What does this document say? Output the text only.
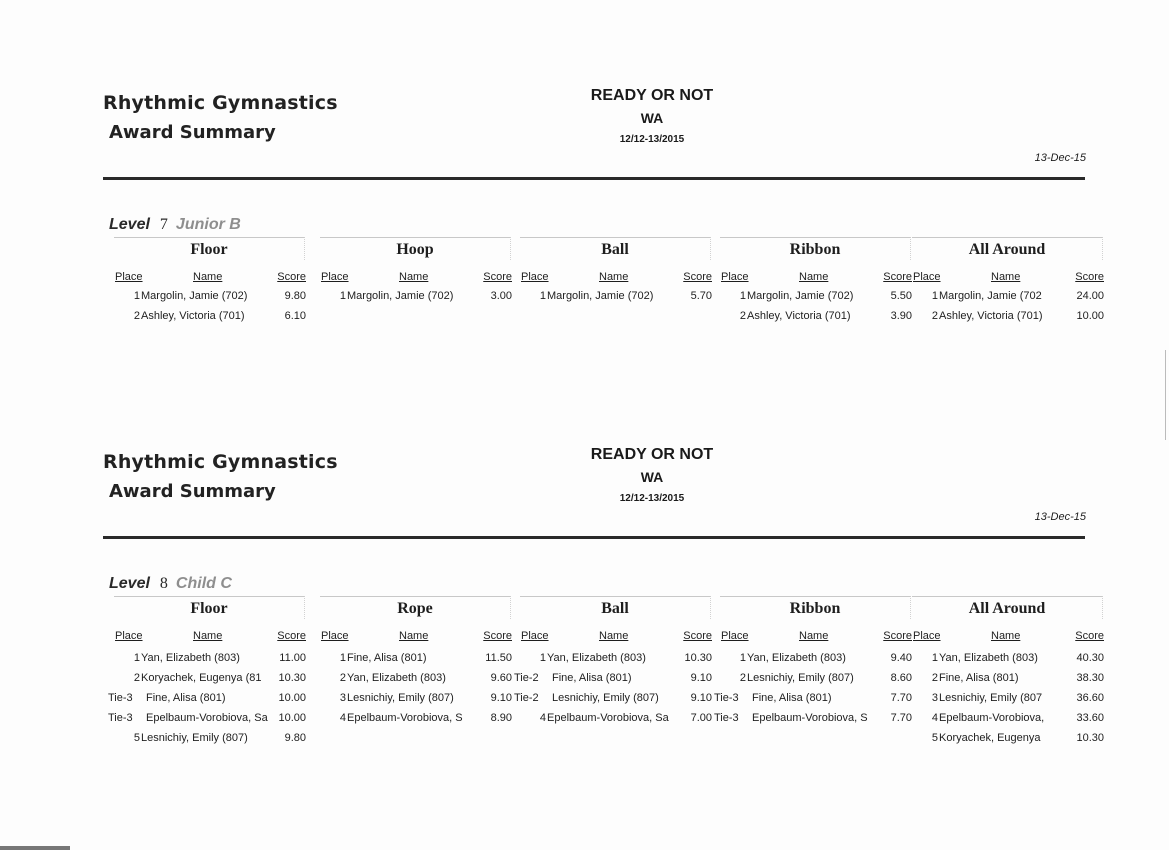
Rhythmic Gymnastics
Award Summary
READY OR NOT
WA
12/12-13/2015
13-Dec-15
Level 7 Junior B
Floor
Place	Name	Score
1 Margolin, Jamie (702)	9.80
2 Ashley, Victoria (701)	6.10
Hoop
Place	Name	Score
1 Margolin, Jamie (702)	3.00
Ball
Place	Name	Score
1 Margolin, Jamie (702)	5.70
Ribbon
Place	Name	Score
1 Margolin, Jamie (702)	5.50
2 Ashley, Victoria (701)	3.90
All Around
Place	Name	Score
1 Margolin, Jamie (702	24.00
2 Ashley, Victoria (701)	10.00
Rhythmic Gymnastics
Award Summary
READY OR NOT
WA
12/12-13/2015
13-Dec-15
Level 8 Child C
Floor
Place	Name	Score
1 Yan, Elizabeth (803)	11.00
2 Koryachek, Eugenya (81 10.30
Tie-3 Fine, Alisa (801)	10.00
Tie-3 Epelbaum-Vorobiova, Sa 10.00
5 Lesnichiy, Emily (807)	9.80
Rope
Place	Name	Score
1 Fine, Alisa (801)	11.50
2 Yan, Elizabeth (803)	9.60
3 Lesnichiy, Emily (807)	9.10
4 Epelbaum-Vorobiova, S	8.90
Ball
Place	Name	Score
1 Yan, Elizabeth (803)	10.30
Tie-2 Fine, Alisa (801)	9.10
Tie-2 Lesnichiy, Emily (807)	9.10
4 Epelbaum-Vorobiova, Sa 7.00
Ribbon
Place	Name	Score
1 Yan, Elizabeth (803)	9.40
2 Lesnichiy, Emily (807)	8.60
Tie-3 Fine, Alisa (801)	7.70
Tie-3 Epelbaum-Vorobiova, S 7.70
All Around
Place	Name	Score
1 Yan, Elizabeth (803)	40.30
2 Fine, Alisa (801)	38.30
3 Lesnichiy, Emily (807	36.60
4 Epelbaum-Vorobiova,	33.60
5 Koryachek, Eugenya	10.30
